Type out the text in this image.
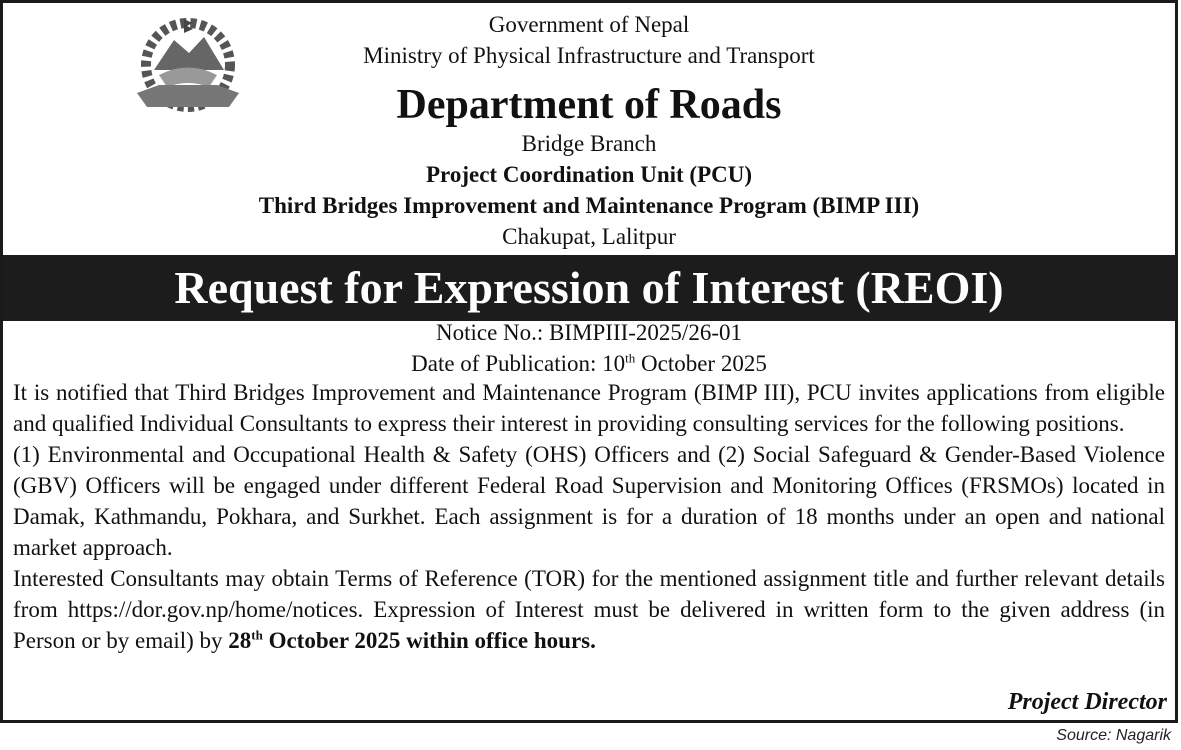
Government of Nepal
Ministry of Physical Infrastructure and Transport
Department of Roads
Bridge Branch
Project Coordination Unit (PCU)
Third Bridges Improvement and Maintenance Program (BIMP III)
Chakupat, Lalitpur
Request for Expression of Interest (REOI)
Notice No.: BIMPIII-2025/26-01
Date of Publication: 10th October 2025

It is notified that Third Bridges Improvement and Maintenance Program (BIMP III), PCU invites applications from eligible and qualified Individual Consultants to express their interest in providing consulting services for the following positions.

(1) Environmental and Occupational Health & Safety (OHS) Officers and (2) Social Safeguard & Gender-Based Violence (GBV) Officers will be engaged under different Federal Road Supervision and Monitoring Offices (FRSMOs) located in Damak, Kathmandu, Pokhara, and Surkhet. Each assignment is for a duration of 18 months under an open and national market approach.

Interested Consultants may obtain Terms of Reference (TOR) for the mentioned assignment title and further relevant details from https://dor.gov.np/home/notices. Expression of Interest must be delivered in written form to the given address (in Person or by email) by 28th October 2025 within office hours.

Project Director
Source: Nagarik
